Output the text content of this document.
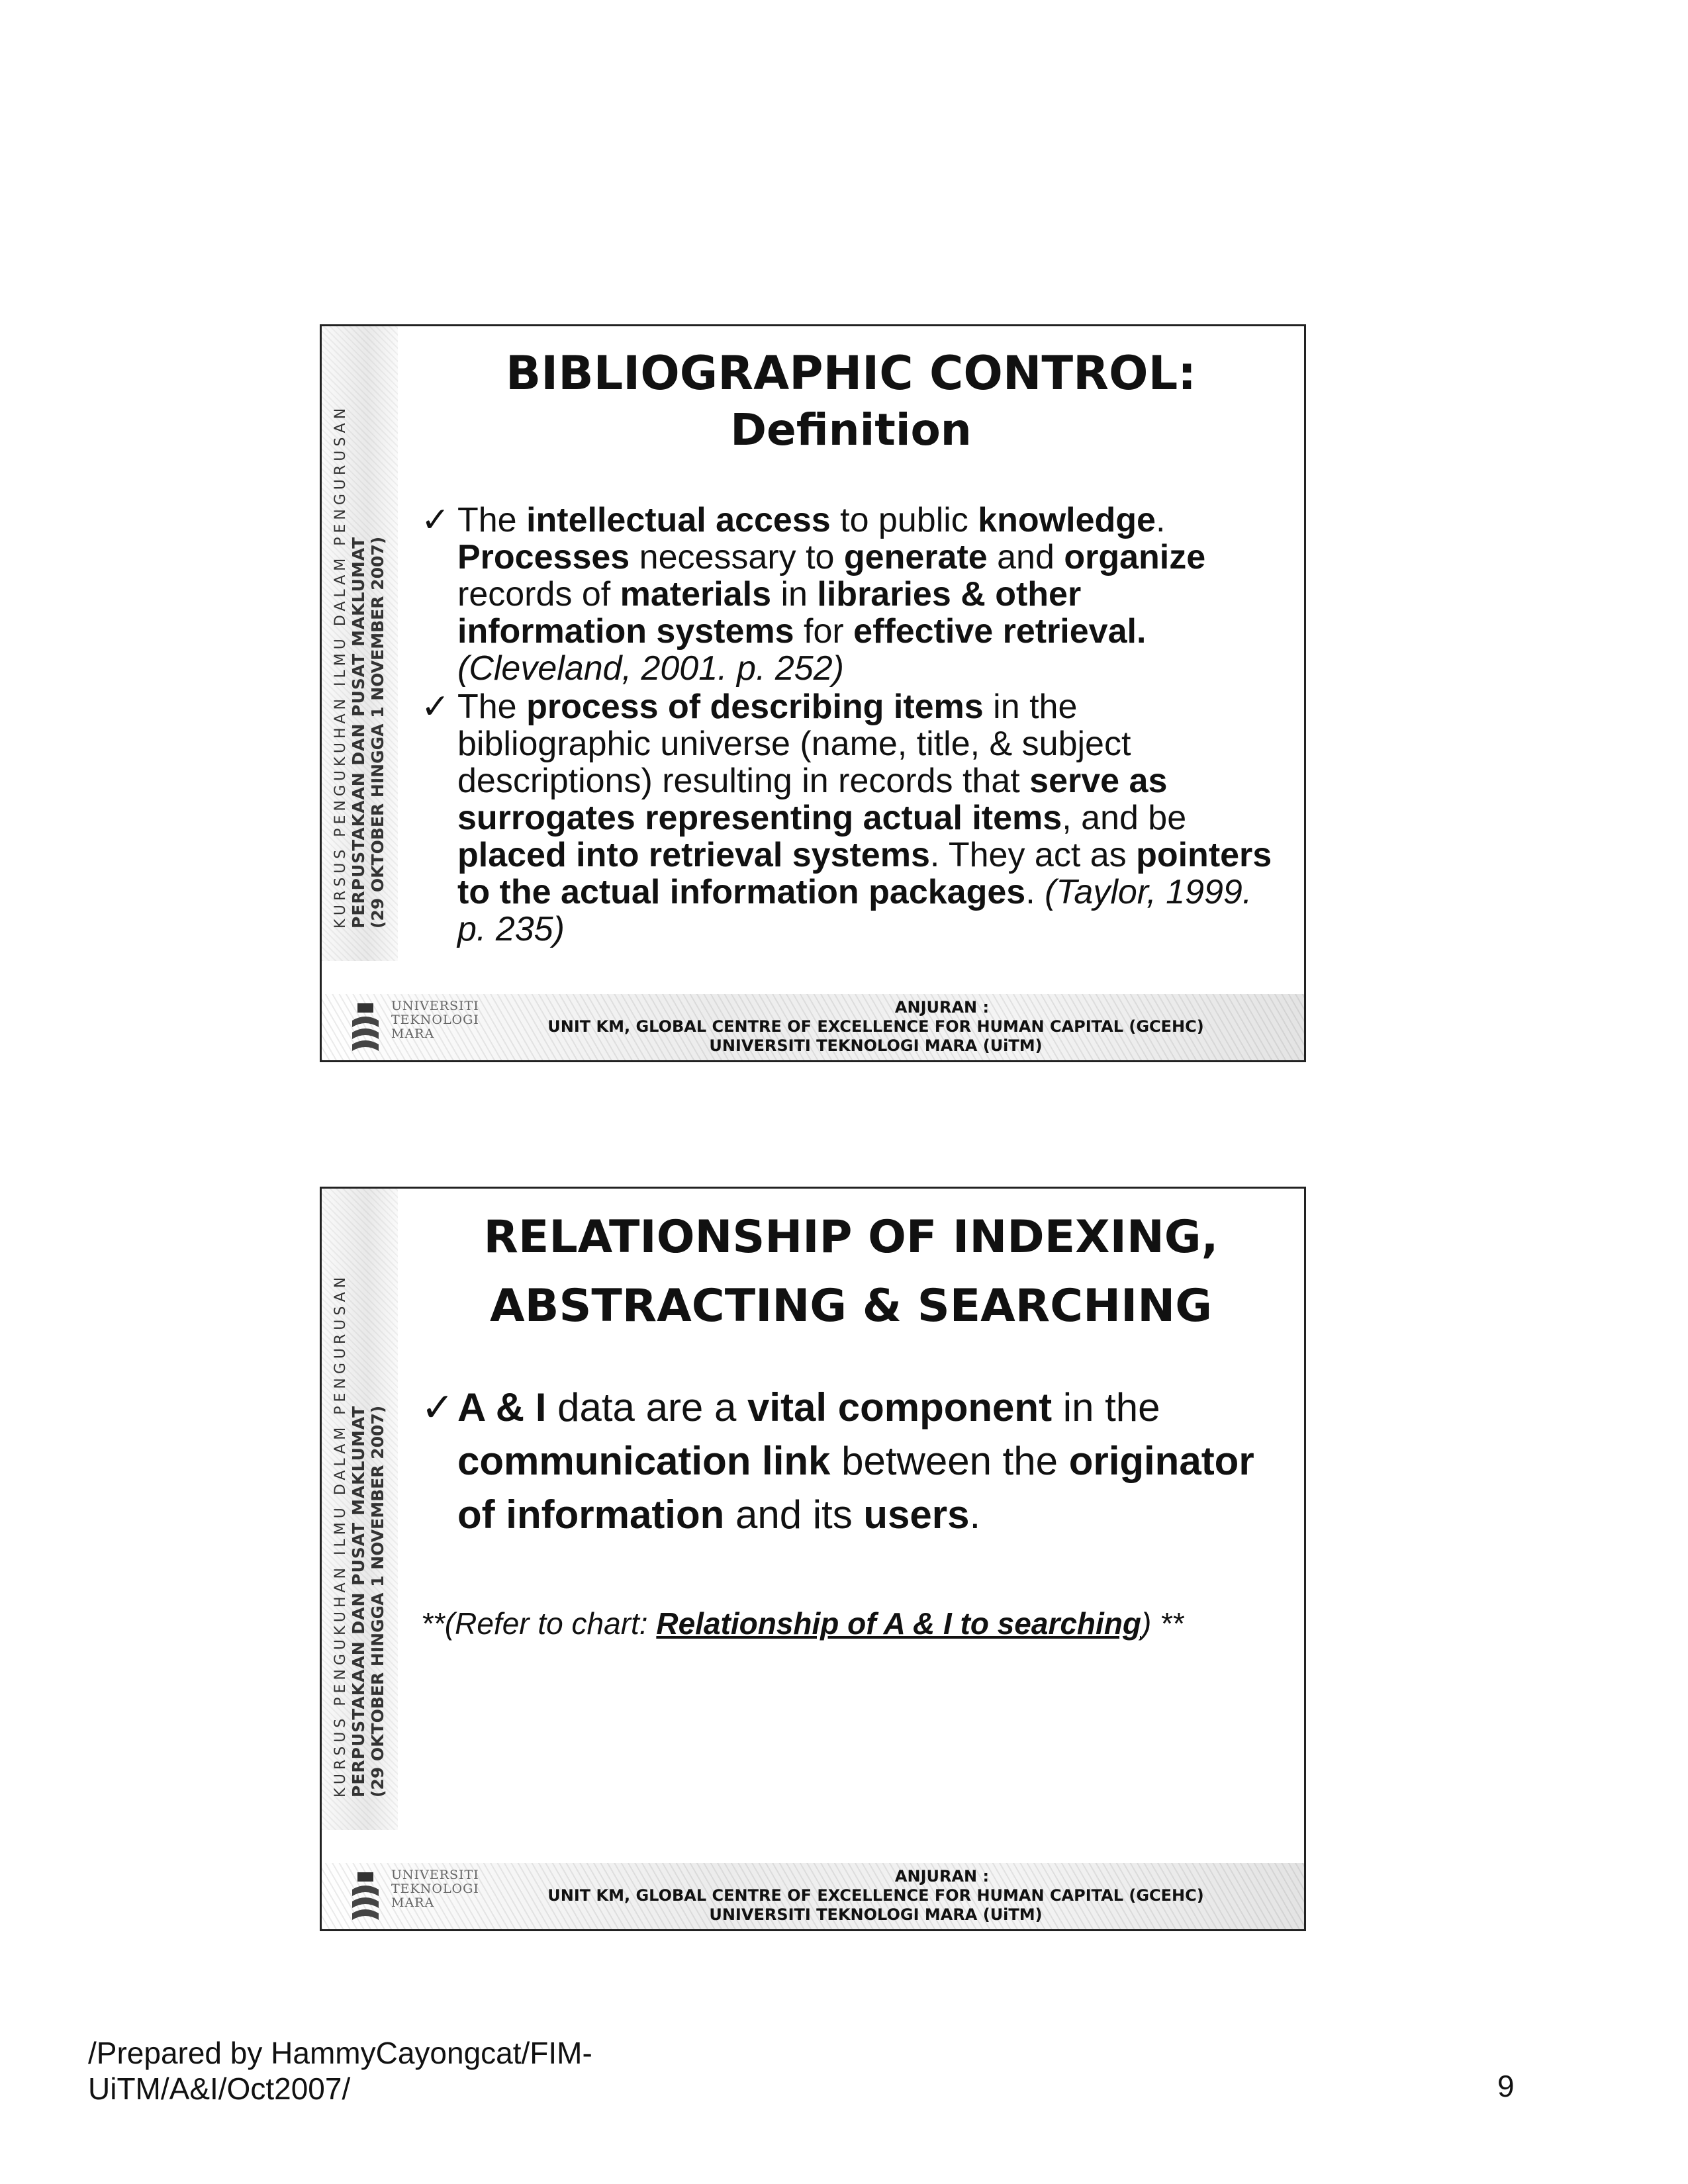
KURSUS PENGUKUHAN ILMU DALAM PENGURUSAN PERPUSTAKAAN DAN PUSAT MAKLUMAT (29 OKTOBER HINGGA 1 NOVEMBER 2007)
BIBLIOGRAPHIC CONTROL:
Definition
✓ The intellectual access to public knowledge. Processes necessary to generate and organize records of materials in libraries & other information systems for effective retrieval. (Cleveland, 2001. p. 252)
✓ The process of describing items in the bibliographic universe (name, title, & subject descriptions) resulting in records that serve as surrogates representing actual items, and be placed into retrieval systems. They act as pointers to the actual information packages. (Taylor, 1999. p. 235)
UNIVERSITI
TEKNOLOGI
MARA
ANJURAN :
UNIT KM, GLOBAL CENTRE OF EXCELLENCE FOR HUMAN CAPITAL (GCEHC)
UNIVERSITI TEKNOLOGI MARA (UiTM)
KURSUS PENGUKUHAN ILMU DALAM PENGURUSAN PERPUSTAKAAN DAN PUSAT MAKLUMAT (29 OKTOBER HINGGA 1 NOVEMBER 2007)
RELATIONSHIP OF INDEXING,
ABSTRACTING & SEARCHING
✓ A & I data are a vital component in the communication link between the originator of information and its users.
**(Refer to chart: Relationship of A & I to searching) **
UNIVERSITI
TEKNOLOGI
MARA
ANJURAN :
UNIT KM, GLOBAL CENTRE OF EXCELLENCE FOR HUMAN CAPITAL (GCEHC)
UNIVERSITI TEKNOLOGI MARA (UiTM)
/Prepared by HammyCayongcat/FIM-
UiTM/A&I/Oct2007/	9
